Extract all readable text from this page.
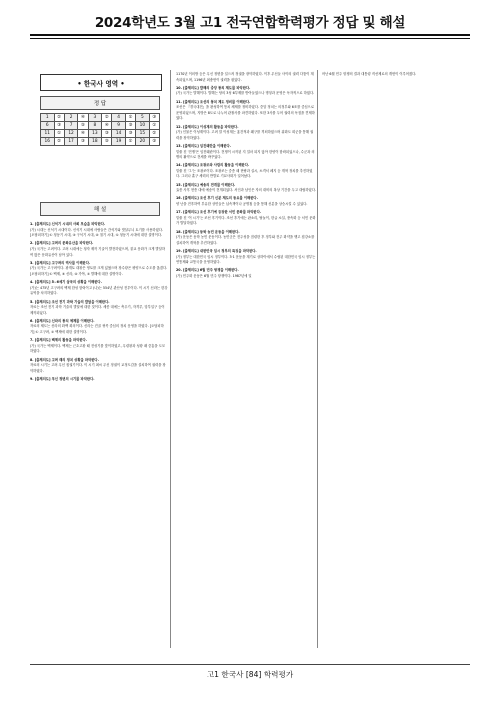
2024학년도 3월 고1 전국연합학력평가 정답 및 해설
• 한국사 영역 •
정 답
1	②	2	④	3	②	4	①	5	③
6	③	7	⑤	8	④	9	⑤	10	①
11	①	12	④	13	③	14	③	15	②
16	②	17	③	18	⑤	19	①	20	⑤
해 설

1. [출제의도] 신석기 시대의 사회 모습을 파악한다.
(가) 시대는 신석기 시대이다. 신석기 시대에 사람들은 간석기와 빗살무늬 토기를 사용하였다. [오답피하기] ① 청동기 시대, ③ 구석기 시대, ④ 철기 시대, ⑤ 청동기 시대에 대한 설명이다.

2. [출제의도] 고려의 문화유산을 파악한다.
(가) 국가는 고려이다. 고려 시대에는 청자 제작 기술이 발전하였으며, 불교 문화가 크게 발달하여 많은 문화유산이 남아 있다.

3. [출제의도] 고구려의 역사를 이해한다.
(가) 국가는 고구려이다. 광개토 대왕은 영토를 크게 넓혔으며 장수왕은 평양으로 수도를 옮겼다. [오답피하기] ① 백제, ③ 신라, ④ 가야, ⑤ 발해에 대한 설명이다.

4. [출제의도] 5∼6세기 삼국의 상황을 이해한다.
(가)는 475년 고구려의 백제 한성 함락이고 (나)는 554년 관산성 전투이다. 이 시기 신라는 한강 유역을 차지하였다.

5. [출제의도] 조선 전기 과학 기술의 발달을 이해한다.
자료는 조선 전기 과학 기술의 발달에 대한 것이다. 세종 대에는 측우기, 자격루, 앙부일구 등이 제작되었다.

6. [출제의도] 신라의 통치 체제를 이해한다.
자료의 제도는 신라의 화백 회의이다. 신라는 진골 귀족 중심의 정치 운영을 하였다. [오답피하기] ① 고구려, ② 백제에 대한 설명이다.

7. [출제의도] 백제의 활동을 파악한다.
(가) 국가는 백제이다. 백제는 근초고왕 때 전성기를 맞이하였고, 무령왕과 성왕 때 중흥을 도모하였다.

8. [출제의도] 고려 때의 정치 상황을 파악한다.
자료의 시기는 고려 무신 집권기이다. 이 시기 최씨 무신 정권이 교정도감을 설치하여 권력을 장악하였다.

9. [출제의도] 무신 정변의 시기를 파악한다.

1170년 이의방 등은 무신 정변을 일으켜 정권을 장악하였다. 이후 무신들 사이의 권력 다툼이 계속되었으며, 1196년 최충헌이 권력을 잡았다.

10. [출제의도] 발해의 중앙 통치 제도를 파악한다.
(가) 국가는 발해이다. 발해는 당의 3성 6부제를 받아들였으나 명칭과 운영은 독자적으로 하였다.

11. [출제의도] 조선의 통치 제도 정비를 이해한다.
조선은 『경국대전』을 완성하여 통치 체제를 정비하였다. 중앙 정치는 의정부와 6조를 중심으로 운영되었으며, 지방은 8도로 나누어 관찰사를 파견하였다. 또한 3사를 두어 권력의 독점을 견제하였다.

12. [출제의도] 이성계의 활동을 파악한다.
(가) 인물은 이성계이다. 고려 말 이성계는 홍건적과 왜구를 격퇴하였으며 위화도 회군을 통해 권력을 장악하였다.

13. [출제의도] 임진왜란을 이해한다.
밑줄 친 '전쟁'은 임진왜란이다. 전쟁이 시작된 지 얼마 되지 않아 한양이 함락되었으나, 수군과 의병의 활약으로 전세를 바꾸었다.

14. [출제의도] 조광조와 사림의 활동을 이해한다.
밑줄 친 '그'는 조광조이다. 조광조는 중종 때 현량과 실시, 소격서 폐지 등 개혁 정치를 추진하였다. 그러나 훈구 세력의 반발로 기묘사화가 일어났다.

15. [출제의도] 예송의 전개를 이해한다.
효종 사후 현종 대에 예송이 전개되었다. 서인과 남인은 자의 대비의 복상 기간을 두고 대립하였다.

16. [출제의도] 조선 후기 신분 제도의 동요를 이해한다.
양 난을 전후하여 부유한 상민들은 납속책이나 공명첩 등을 통해 신분을 상승시킬 수 있었다.

17. [출제의도] 조선 후기에 등장한 서민 문화를 파악한다.
밑줄 친 '이 시기'는 조선 후기이다. 조선 후기에는 판소리, 탈놀이, 한글 소설, 풍속화 등 서민 문화가 발달하였다.

18. [출제의도] 동학 농민 운동을 이해한다.
(가) 운동은 동학 농민 운동이다. 농민군은 전주성을 점령한 후 정부와 전주 화약을 맺고 집강소를 설치하여 개혁을 추진하였다.

19. [출제의도] 대한민국 임시 정부의 특징을 파악한다.
(가) 정부는 대한민국 임시 정부이다. 3·1 운동을 계기로 상하이에서 수립된 대한민국 임시 정부는 연통제와 교통국을 운영하였다.

20. [출제의도] 6월 민주 항쟁을 이해한다.
(가) 민주화 운동은 6월 민주 항쟁이다. 1987년에 일

어난 6월 민주 항쟁의 결과 대통령 직선제로의 개헌이 이루어졌다.

고1 한국사 [84] 학력평가
